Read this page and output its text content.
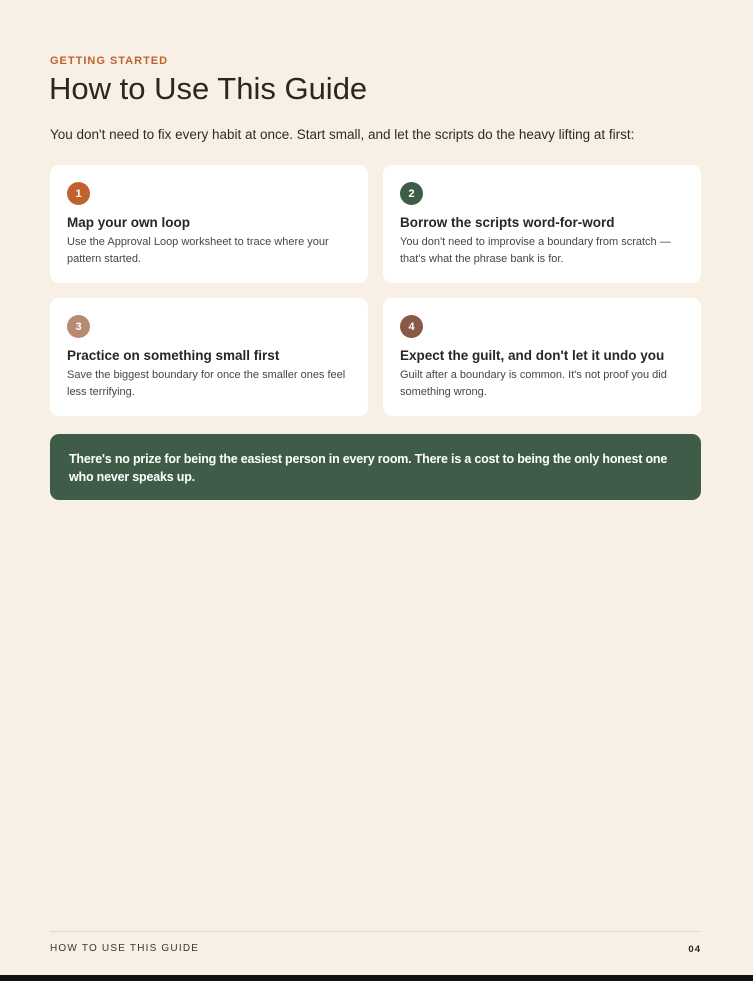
GETTING STARTED
How to Use This Guide

You don't need to fix every habit at once. Start small, and let the scripts do the heavy lifting at first:

1
Map your own loop
Use the Approval Loop worksheet to trace where your pattern started.
2
Borrow the scripts word-for-word
You don't need to improvise a boundary from scratch — that's what the phrase bank is for.
3
Practice on something small first
Save the biggest boundary for once the smaller ones feel less terrifying.
4
Expect the guilt, and don't let it undo you
Guilt after a boundary is common. It's not proof you did something wrong.
There's no prize for being the easiest person in every room. There is a cost to being the only honest one who never speaks up.
HOW TO USE THIS GUIDE	04
